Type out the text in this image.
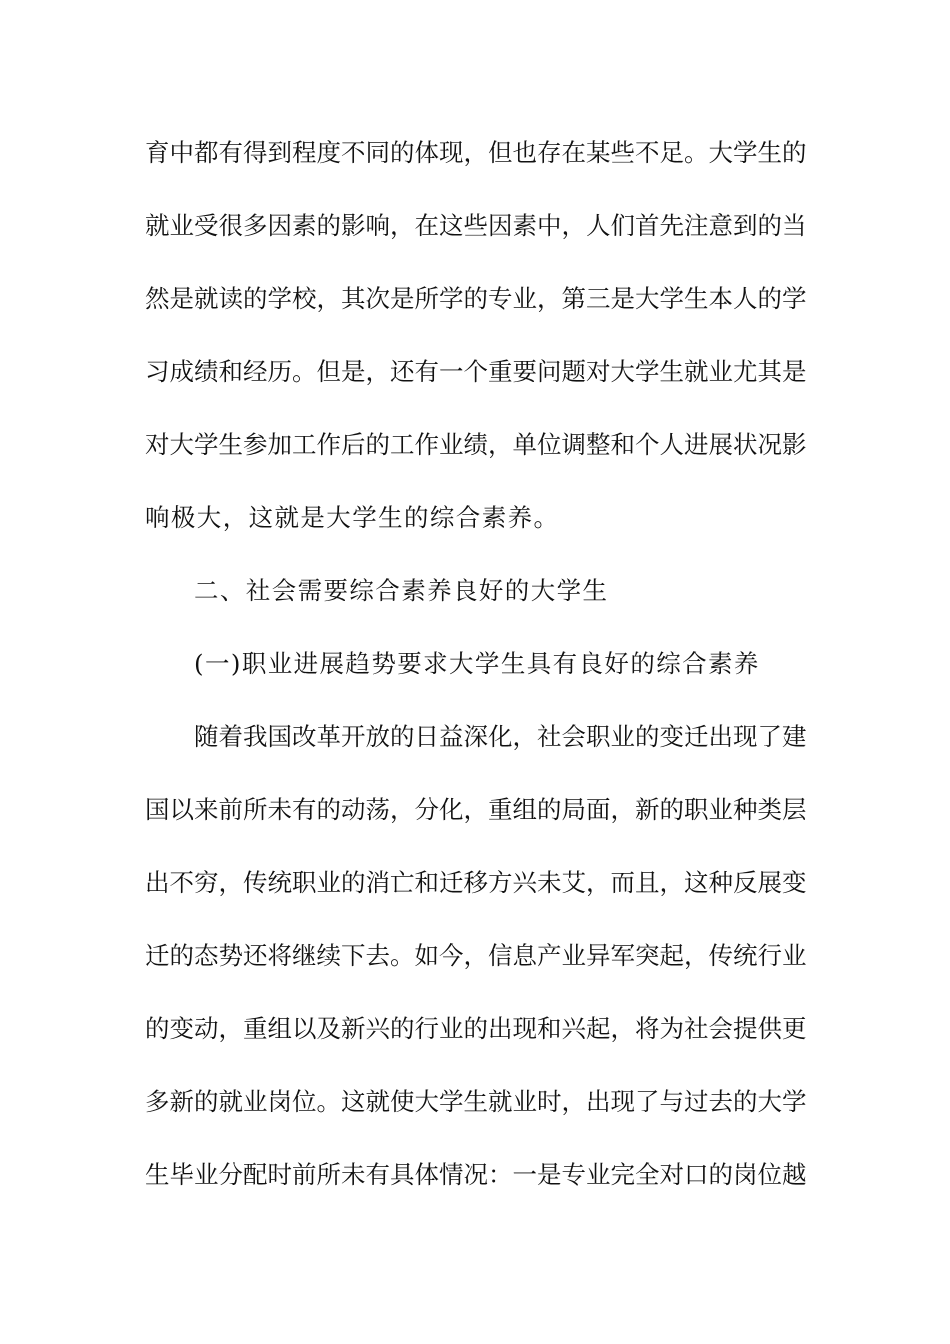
育中都有得到程度不同的体现，但也存在某些不足。大学生的
就业受很多因素的影响，在这些因素中，人们首先注意到的当
然是就读的学校，其次是所学的专业，第三是大学生本人的学
习成绩和经历。但是，还有一个重要问题对大学生就业尤其是
对大学生参加工作后的工作业绩，单位调整和个人进展状况影
响极大，这就是大学生的综合素养。
二、社会需要综合素养良好的大学生
(一)职业进展趋势要求大学生具有良好的综合素养
随着我国改革开放的日益深化，社会职业的变迁出现了建
国以来前所未有的动荡，分化，重组的局面，新的职业种类层
出不穷，传统职业的消亡和迁移方兴未艾，而且，这种反展变
迁的态势还将继续下去。如今，信息产业异军突起，传统行业
的变动，重组以及新兴的行业的出现和兴起，将为社会提供更
多新的就业岗位。这就使大学生就业时，出现了与过去的大学
生毕业分配时前所未有具体情况：一是专业完全对口的岗位越
